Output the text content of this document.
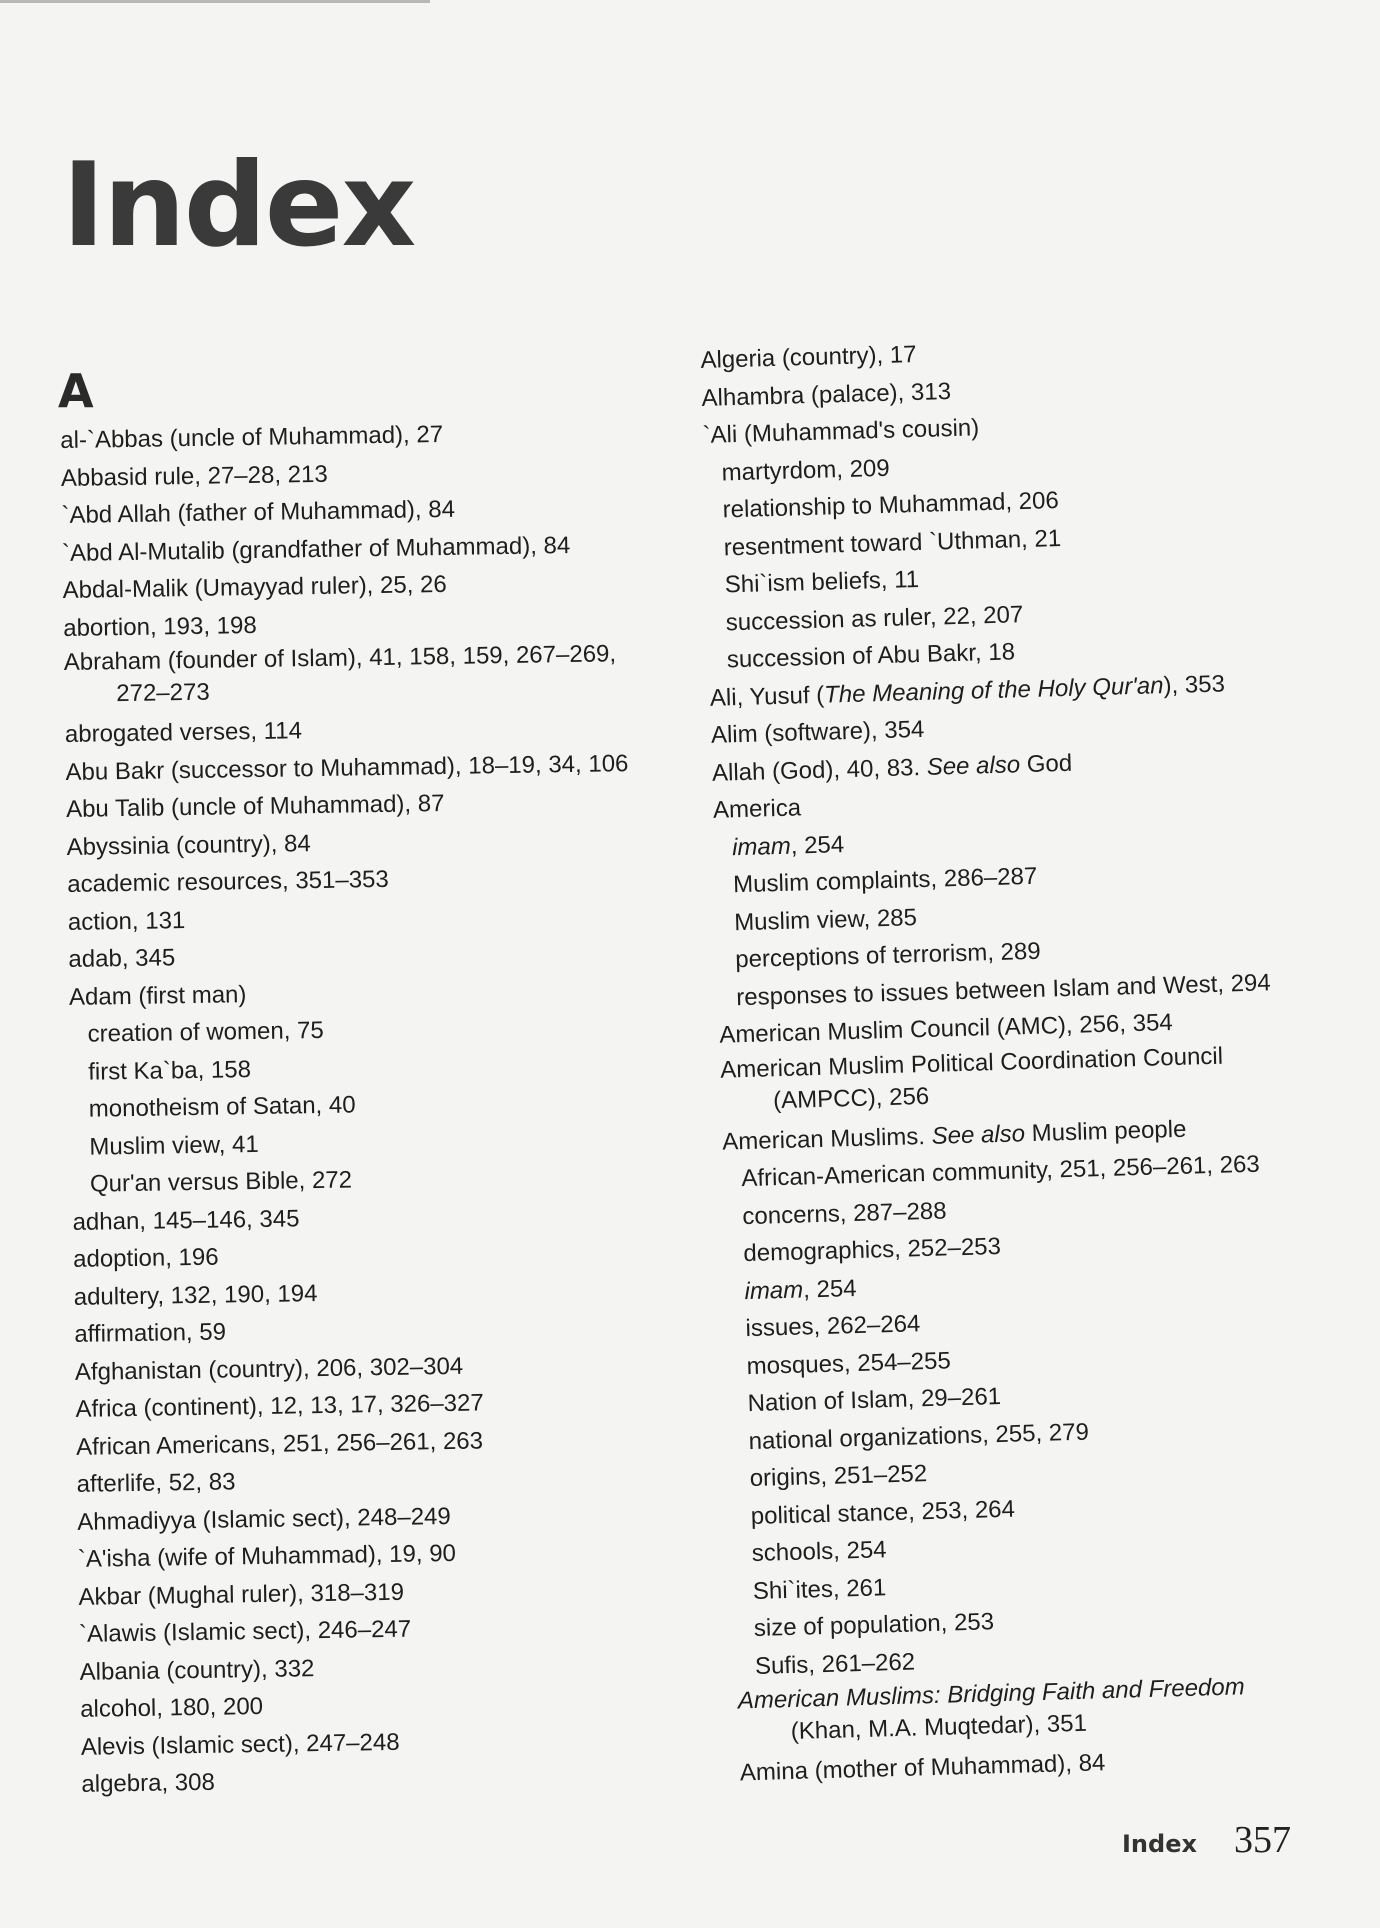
Index
A
al-`Abbas (uncle of Muhammad), 27
Abbasid rule, 27–28, 213
`Abd Allah (father of Muhammad), 84
`Abd Al-Mutalib (grandfather of Muhammad), 84
Abdal-Malik (Umayyad ruler), 25, 26
abortion, 193, 198
Abraham (founder of Islam), 41, 158, 159, 267–269,
272–273
abrogated verses, 114
Abu Bakr (successor to Muhammad), 18–19, 34, 106
Abu Talib (uncle of Muhammad), 87
Abyssinia (country), 84
academic resources, 351–353
action, 131
adab, 345
Adam (first man)
creation of women, 75
first Ka`ba, 158
monotheism of Satan, 40
Muslim view, 41
Qur'an versus Bible, 272
adhan, 145–146, 345
adoption, 196
adultery, 132, 190, 194
affirmation, 59
Afghanistan (country), 206, 302–304
Africa (continent), 12, 13, 17, 326–327
African Americans, 251, 256–261, 263
afterlife, 52, 83
Ahmadiyya (Islamic sect), 248–249
`A'isha (wife of Muhammad), 19, 90
Akbar (Mughal ruler), 318–319
`Alawis (Islamic sect), 246–247
Albania (country), 332
alcohol, 180, 200
Alevis (Islamic sect), 247–248
algebra, 308
Algeria (country), 17
Alhambra (palace), 313
`Ali (Muhammad's cousin)
martyrdom, 209
relationship to Muhammad, 206
resentment toward `Uthman, 21
Shi`ism beliefs, 11
succession as ruler, 22, 207
succession of Abu Bakr, 18
Ali, Yusuf (The Meaning of the Holy Qur'an), 353
Alim (software), 354
Allah (God), 40, 83. See also God
America
imam, 254
Muslim complaints, 286–287
Muslim view, 285
perceptions of terrorism, 289
responses to issues between Islam and West, 294
American Muslim Council (AMC), 256, 354
American Muslim Political Coordination Council
(AMPCC), 256
American Muslims. See also Muslim people
African-American community, 251, 256–261, 263
concerns, 287–288
demographics, 252–253
imam, 254
issues, 262–264
mosques, 254–255
Nation of Islam, 29–261
national organizations, 255, 279
origins, 251–252
political stance, 253, 264
schools, 254
Shi`ites, 261
size of population, 253
Sufis, 261–262
American Muslims: Bridging Faith and Freedom
(Khan, M.A. Muqtedar), 351
Amina (mother of Muhammad), 84
Index 357
